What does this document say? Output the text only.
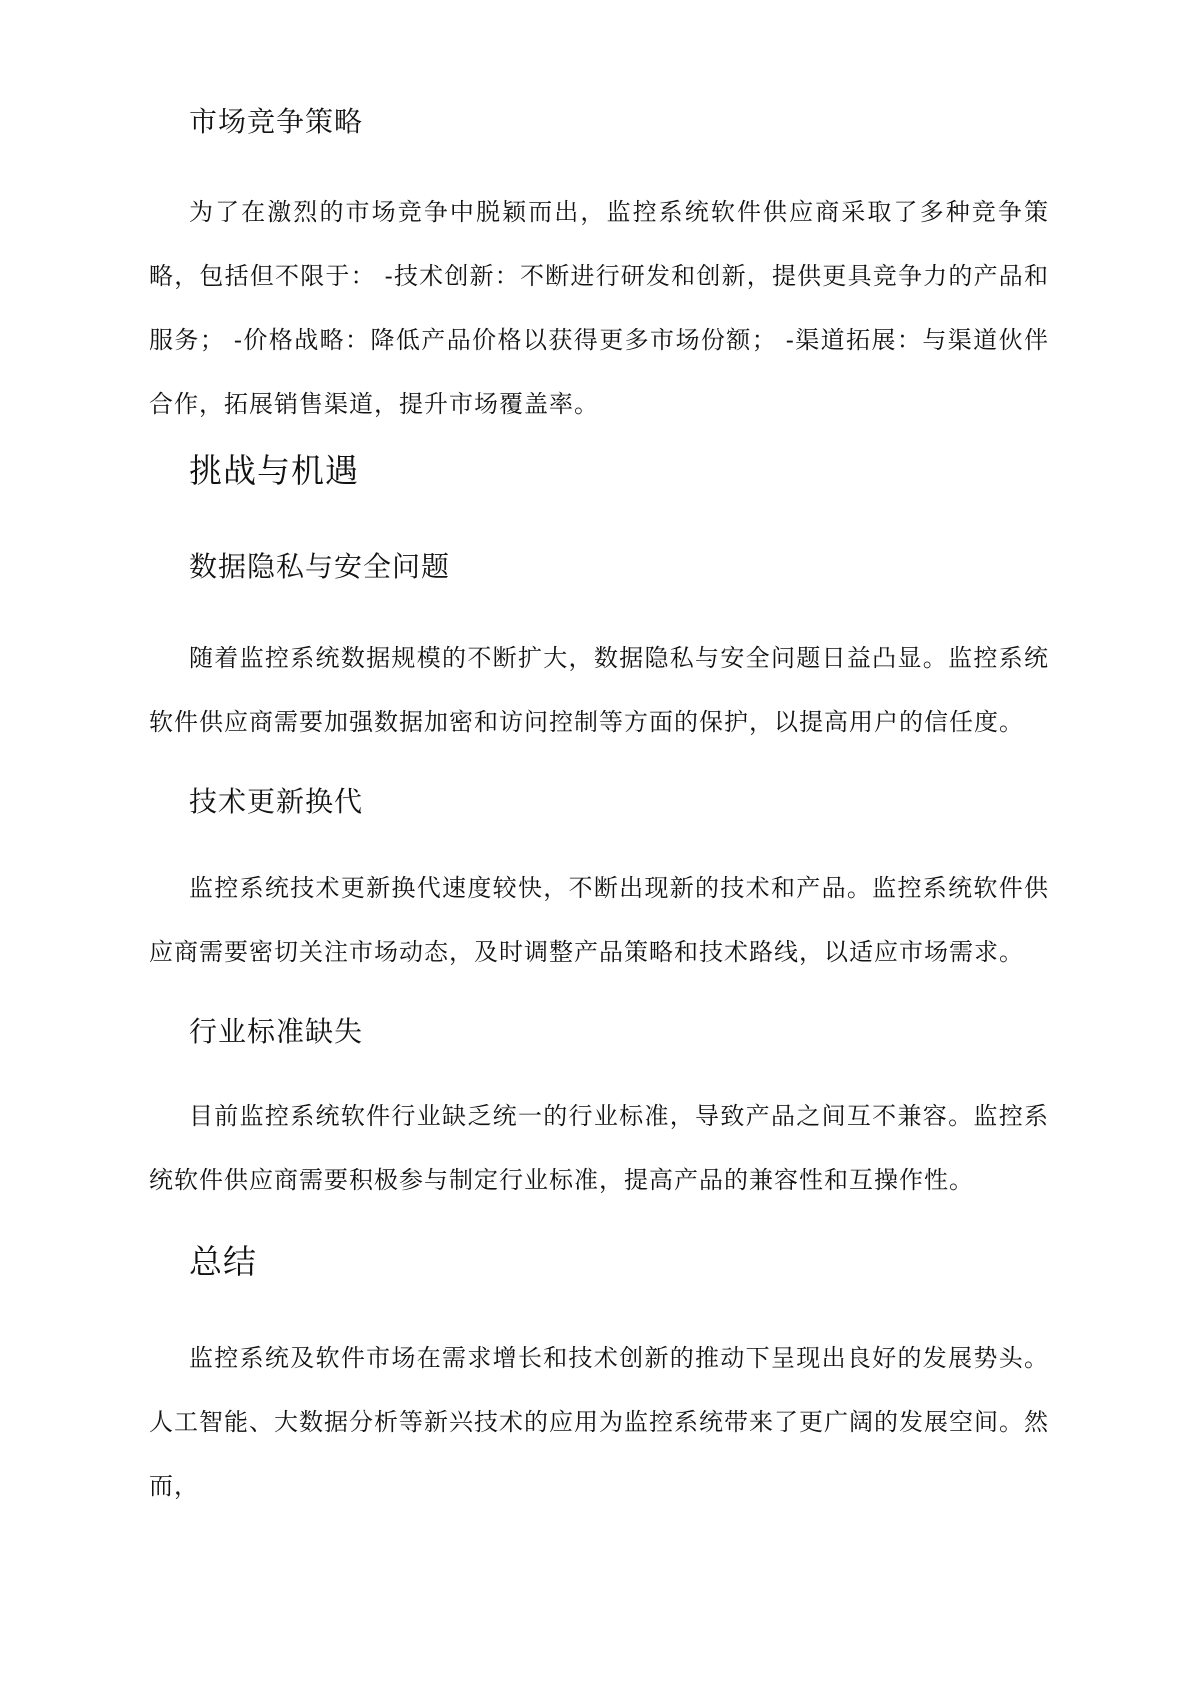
市场竞争策略

为了在激烈的市场竞争中脱颖而出，监控系统软件供应商采取了多种竞争策略，包括但不限于： -技术创新：不断进行研发和创新，提供更具竞争力的产品和服务； -价格战略：降低产品价格以获得更多市场份额； -渠道拓展：与渠道伙伴合作，拓展销售渠道，提升市场覆盖率。

挑战与机遇
数据隐私与安全问题

随着监控系统数据规模的不断扩大，数据隐私与安全问题日益凸显。监控系统软件供应商需要加强数据加密和访问控制等方面的保护，以提高用户的信任度。

技术更新换代

监控系统技术更新换代速度较快，不断出现新的技术和产品。监控系统软件供应商需要密切关注市场动态，及时调整产品策略和技术路线，以适应市场需求。

行业标准缺失

目前监控系统软件行业缺乏统一的行业标准，导致产品之间互不兼容。监控系统软件供应商需要积极参与制定行业标准，提高产品的兼容性和互操作性。

总结

监控系统及软件市场在需求增长和技术创新的推动下呈现出良好的发展势头。人工智能、大数据分析等新兴技术的应用为监控系统带来了更广阔的发展空间。然而，
